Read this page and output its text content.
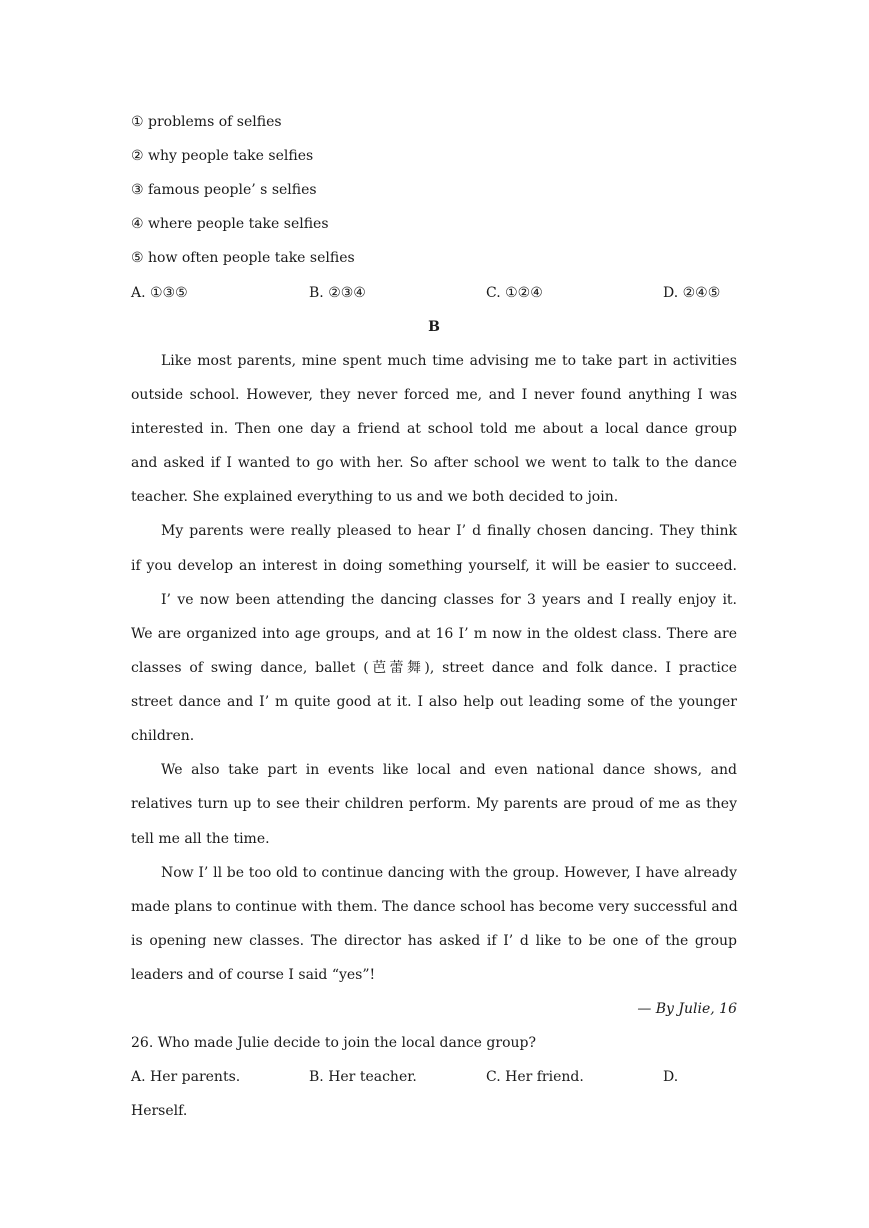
① problems of selfies
② why people take selfies
③ famous people’ s selfies
④ where people take selfies
⑤ how often people take selfies
A. ①③⑤	B. ②③④	C. ①②④	D. ②④⑤
B
Like most parents, mine spent much time advising me to take part in activities
outside school. However, they never forced me, and I never found anything I was
interested in. Then one day a friend at school told me about a local dance group
and asked if I wanted to go with her. So after school we went to talk to the dance
teacher. She explained everything to us and we both decided to join.
My parents were really pleased to hear I’ d finally chosen dancing. They think
if you develop an interest in doing something yourself, it will be easier to succeed.
I’ ve now been attending the dancing classes for 3 years and I really enjoy it.
We are organized into age groups, and at 16 I’ m now in the oldest class. There are
classes of swing dance, ballet (芭蕾舞), street dance and folk dance. I practice
street dance and I’ m quite good at it. I also help out leading some of the younger
children.
We also take part in events like local and even national dance shows, and
relatives turn up to see their children perform. My parents are proud of me as they
tell me all the time.
Now I’ ll be too old to continue dancing with the group. However, I have already
made plans to continue with them. The dance school has become very successful and
is opening new classes. The director has asked if I’ d like to be one of the group
leaders and of course I said “yes”!
— By Julie, 16
26. Who made Julie decide to join the local dance group?
A. Her parents.	B. Her teacher.	C. Her friend.	D.
Herself.
